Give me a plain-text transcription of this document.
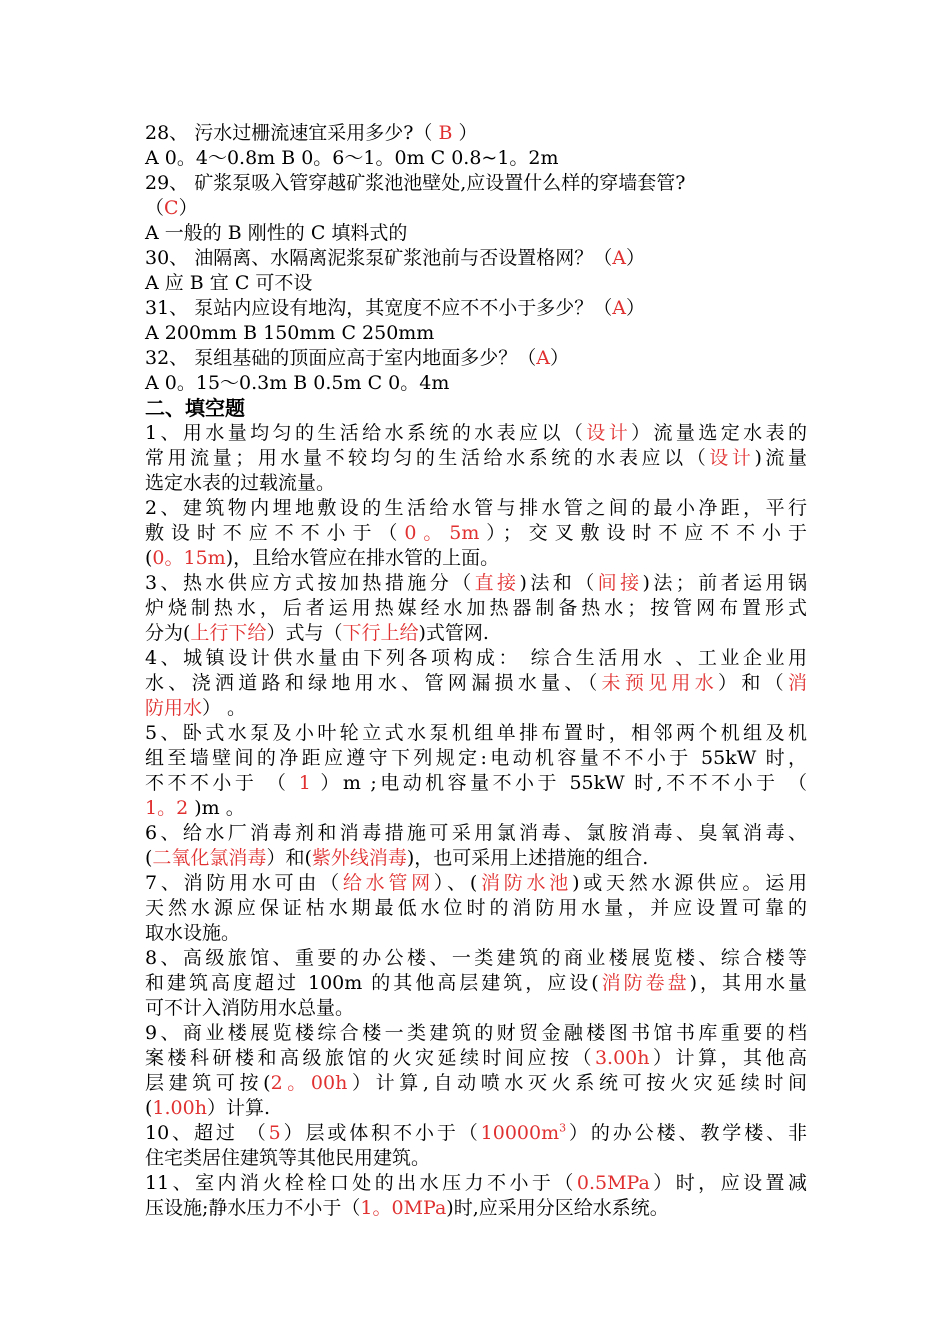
28、 污水过栅流速宜采用多少?（ B ）
A 0。4～0.8m B 0。6～1。0m C 0.8~1。2m
29、 矿浆泵吸入管穿越矿浆池池壁处,应设置什么样的穿墙套管?
（C）
A 一般的 B 刚性的 C 填料式的
30、 油隔离、水隔离泥浆泵矿浆池前与否设置格网？（A）
A 应 B 宜 C 可不设
31、 泵站内应设有地沟，其宽度不应不不小于多少？（A）
A 200mm B 150mm C 250mm
32、 泵组基础的顶面应高于室内地面多少？（A）
A 0。15～0.3m B 0.5m C 0。4m
二、填空题
1、用水量均匀的生活给水系统的水表应以（设计）流量选定水表的
常用流量；用水量不较均匀的生活给水系统的水表应以（设计)流量
选定水表的过载流量。
2、建筑物内埋地敷设的生活给水管与排水管之间的最小净距，平行
敷设时不应不不小于（0。5m）；交叉敷设时不应不不小于
(0。15m)，且给水管应在排水管的上面。
3、热水供应方式按加热措施分（直接)法和（间接)法；前者运用锅
炉烧制热水，后者运用热媒经水加热器制备热水；按管网布置形式
分为(上行下给）式与（下行上给)式管网.
4、城镇设计供水量由下列各项构成： 综合生活用水 、工业企业用
水、浇洒道路和绿地用水、管网漏损水量、（未预见用水）和（消
防用水） 。
5、卧式水泵及小叶轮立式水泵机组单排布置时，相邻两个机组及机
组至墙壁间的净距应遵守下列规定:电动机容量不不小于 55kW 时，
不不不小于 （ 1 ）m ;电动机容量不小于 55kW 时,不不不小于 （
1。2 )m 。
6、给水厂消毒剂和消毒措施可采用氯消毒、氯胺消毒、臭氧消毒、
(二氧化氯消毒）和(紫外线消毒)，也可采用上述措施的组合.
7、消防用水可由（给水管网）、(消防水池)或天然水源供应。运用
天然水源应保证枯水期最低水位时的消防用水量，并应设置可靠的
取水设施。
8、高级旅馆、重要的办公楼、一类建筑的商业楼展览楼、综合楼等
和建筑高度超过 100m 的其他高层建筑，应设(消防卷盘)，其用水量
可不计入消防用水总量。
9、商业楼展览楼综合楼一类建筑的财贸金融楼图书馆书库重要的档
案楼科研楼和高级旅馆的火灾延续时间应按（3.00h）计算，其他高
层建筑可按(2。00h）计算,自动喷水灭火系统可按火灾延续时间
(1.00h）计算.
10、超过 （5）层或体积不小于$(10000m^3)$的办公楼、教学楼、非
住宅类居住建筑等其他民用建筑。
11、室内消火栓栓口处的出水压力不小于（0.5MPa）时，应设置减
压设施;静水压力不小于（1。0MPa)时,应采用分区给水系统。
